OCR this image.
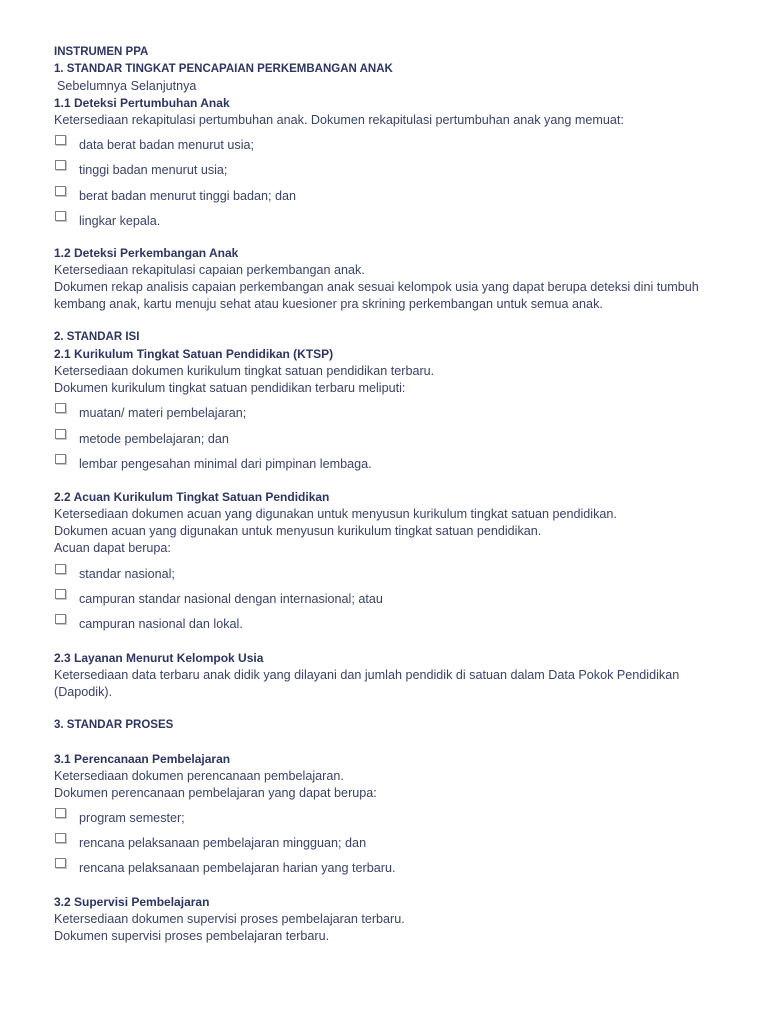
INSTRUMEN PPA
1. STANDAR TINGKAT PENCAPAIAN PERKEMBANGAN ANAK
Sebelumnya Selanjutnya
1.1 Deteksi Pertumbuhan Anak
Ketersediaan rekapitulasi pertumbuhan anak. Dokumen rekapitulasi pertumbuhan anak yang memuat:
data berat badan menurut usia;
tinggi badan menurut usia;
berat badan menurut tinggi badan; dan
lingkar kepala.
1.2 Deteksi Perkembangan Anak
Ketersediaan rekapitulasi capaian perkembangan anak.
Dokumen rekap analisis capaian perkembangan anak sesuai kelompok usia yang dapat berupa deteksi dini tumbuh
kembang anak, kartu menuju sehat atau kuesioner pra skrining perkembangan untuk semua anak.
2. STANDAR ISI
2.1 Kurikulum Tingkat Satuan Pendidikan (KTSP)
Ketersediaan dokumen kurikulum tingkat satuan pendidikan terbaru.
Dokumen kurikulum tingkat satuan pendidikan terbaru meliputi:
muatan/ materi pembelajaran;
metode pembelajaran; dan
lembar pengesahan minimal dari pimpinan lembaga.
2.2 Acuan Kurikulum Tingkat Satuan Pendidikan
Ketersediaan dokumen acuan yang digunakan untuk menyusun kurikulum tingkat satuan pendidikan.
Dokumen acuan yang digunakan untuk menyusun kurikulum tingkat satuan pendidikan.
Acuan dapat berupa:
standar nasional;
campuran standar nasional dengan internasional; atau
campuran nasional dan lokal.
2.3 Layanan Menurut Kelompok Usia
Ketersediaan data terbaru anak didik yang dilayani dan jumlah pendidik di satuan dalam Data Pokok Pendidikan
(Dapodik).
3. STANDAR PROSES
3.1 Perencanaan Pembelajaran
Ketersediaan dokumen perencanaan pembelajaran.
Dokumen perencanaan pembelajaran yang dapat berupa:
program semester;
rencana pelaksanaan pembelajaran mingguan; dan
rencana pelaksanaan pembelajaran harian yang terbaru.
3.2 Supervisi Pembelajaran
Ketersediaan dokumen supervisi proses pembelajaran terbaru.
Dokumen supervisi proses pembelajaran terbaru.
